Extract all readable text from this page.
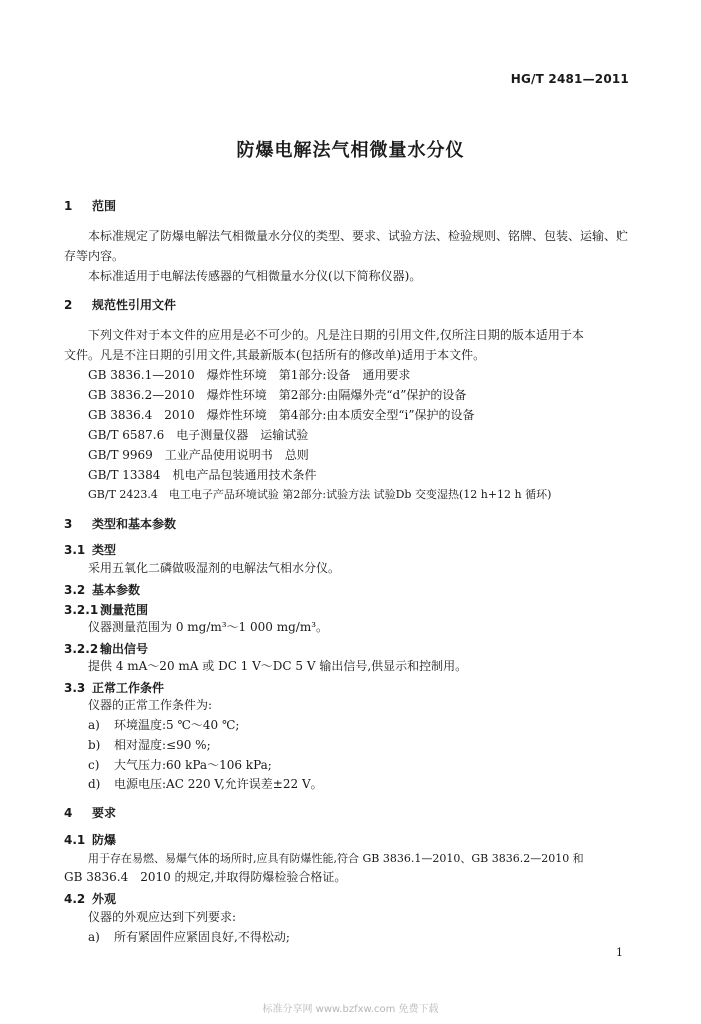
HG/T 2481—2011
防爆电解法气相微量水分仪
1 范围
本标准规定了防爆电解法气相微量水分仪的类型、要求、试验方法、检验规则、铭牌、包装、运输、贮
存等内容。
本标准适用于电解法传感器的气相微量水分仪(以下简称仪器)。
2 规范性引用文件
下列文件对于本文件的应用是必不可少的。凡是注日期的引用文件,仅所注日期的版本适用于本
文件。凡是不注日期的引用文件,其最新版本(包括所有的修改单)适用于本文件。
GB 3836.1—2010　爆炸性环境　第1部分:设备　通用要求
GB 3836.2—2010　爆炸性环境　第2部分:由隔爆外壳“d”保护的设备
GB 3836.4　2010　爆炸性环境　第4部分:由本质安全型“i”保护的设备
GB/T 6587.6　电子测量仪器　运输试验
GB/T 9969　工业产品使用说明书　总则
GB/T 13384　机电产品包装通用技术条件
GB/T 2423.4　电工电子产品环境试验 第2部分:试验方法 试验Db 交变湿热(12 h+12 h 循环)
3 类型和基本参数
3.1 类型
采用五氧化二磷做吸湿剂的电解法气相水分仪。
3.2 基本参数
3.2.1 测量范围
仪器测量范围为 0 mg/m³～1 000 mg/m³。
3.2.2 输出信号
提供 4 mA～20 mA 或 DC 1 V～DC 5 V 输出信号,供显示和控制用。
3.3 正常工作条件
仪器的正常工作条件为:
a) 环境温度:5 ℃～40 ℃;
b) 相对湿度:≤90 %;
c) 大气压力:60 kPa～106 kPa;
d) 电源电压:AC 220 V,允许误差±22 V。
4 要求
4.1 防爆
用于存在易燃、易爆气体的场所时,应具有防爆性能,符合 GB 3836.1—2010、GB 3836.2—2010 和
GB 3836.4　2010 的规定,并取得防爆检验合格证。
4.2 外观
仪器的外观应达到下列要求:
a) 所有紧固件应紧固良好,不得松动;
1
标准分享网 www.bzfxw.com 免费下载
